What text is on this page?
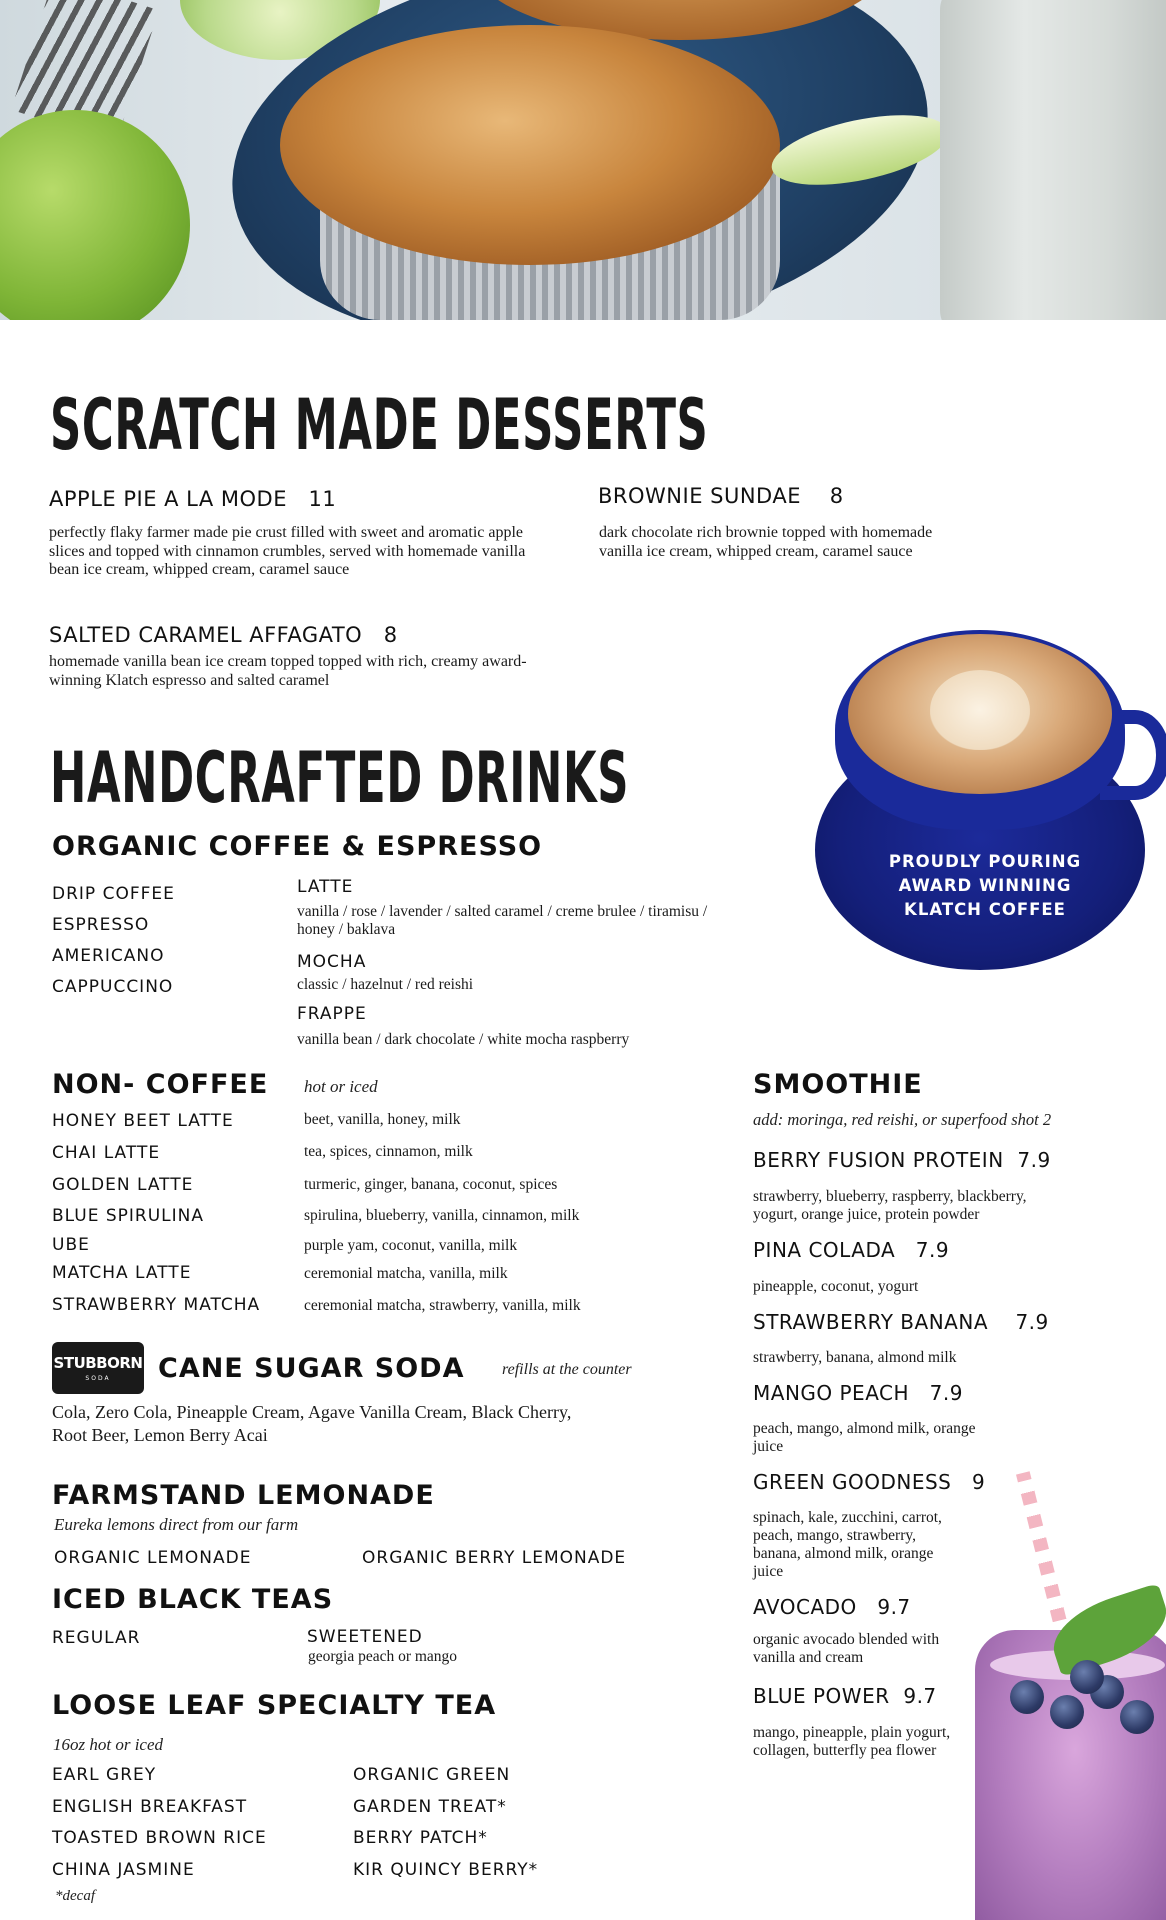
SCRATCH MADE DESSERTS
APPLE PIE A LA MODE 11
perfectly flaky farmer made pie crust filled with sweet and aromatic apple slices and topped with cinnamon crumbles, served with homemade vanilla bean ice cream, whipped cream, caramel sauce
BROWNIE SUNDAE 8
dark chocolate rich brownie topped with homemade vanilla ice cream, whipped cream, caramel sauce
SALTED CARAMEL AFFAGATO 8
homemade vanilla bean ice cream topped topped with rich, creamy award-winning Klatch espresso and salted caramel
PROUDLY POURING AWARD WINNING KLATCH COFFEE
HANDCRAFTED DRINKS
ORGANIC COFFEE & ESPRESSO
DRIP COFFEE
ESPRESSO
AMERICANO
CAPPUCCINO
LATTE
vanilla / rose / lavender / salted caramel / creme brulee / tiramisu / honey / baklava
MOCHA
classic / hazelnut / red reishi
FRAPPE
vanilla bean / dark chocolate / white mocha raspberry
NON- COFFEE hot or iced
HONEY BEET LATTE	beet, vanilla, honey, milk
CHAI LATTE	tea, spices, cinnamon, milk
GOLDEN LATTE	turmeric, ginger, banana, coconut, spices
BLUE SPIRULINA	spirulina, blueberry, vanilla, cinnamon, milk
UBE	purple yam, coconut, vanilla, milk
MATCHA LATTE	ceremonial matcha, vanilla, milk
STRAWBERRY MATCHA	ceremonial matcha, strawberry, vanilla, milk
STUBBORN
SODA	CANE SUGAR SODA refills at the counter
Cola, Zero Cola, Pineapple Cream, Agave Vanilla Cream, Black Cherry,
Root Beer, Lemon Berry Acai
FARMSTAND LEMONADE
Eureka lemons direct from our farm
ORGANIC LEMONADE	ORGANIC BERRY LEMONADE
ICED BLACK TEAS
REGULAR	SWEETENED
georgia peach or mango
LOOSE LEAF SPECIALTY TEA
16oz hot or iced
EARL GREY
ENGLISH BREAKFAST
TOASTED BROWN RICE
CHINA JASMINE
ORGANIC GREEN
GARDEN TREAT*
BERRY PATCH*
KIR QUINCY BERRY*
*decaf
SMOOTHIE
add: moringa, red reishi, or superfood shot 2
BERRY FUSION PROTEIN 7.9
strawberry, blueberry, raspberry, blackberry,
yogurt, orange juice, protein powder
PINA COLADA 7.9
pineapple, coconut, yogurt
STRAWBERRY BANANA 7.9
strawberry, banana, almond milk
MANGO PEACH 7.9
peach, mango, almond milk, orange
juice
GREEN GOODNESS 9
spinach, kale, zucchini, carrot,
peach, mango, strawberry,
banana, almond milk, orange
juice
AVOCADO 9.7
organic avocado blended with
vanilla and cream
BLUE POWER 9.7
mango, pineapple, plain yogurt,
collagen, butterfly pea flower
